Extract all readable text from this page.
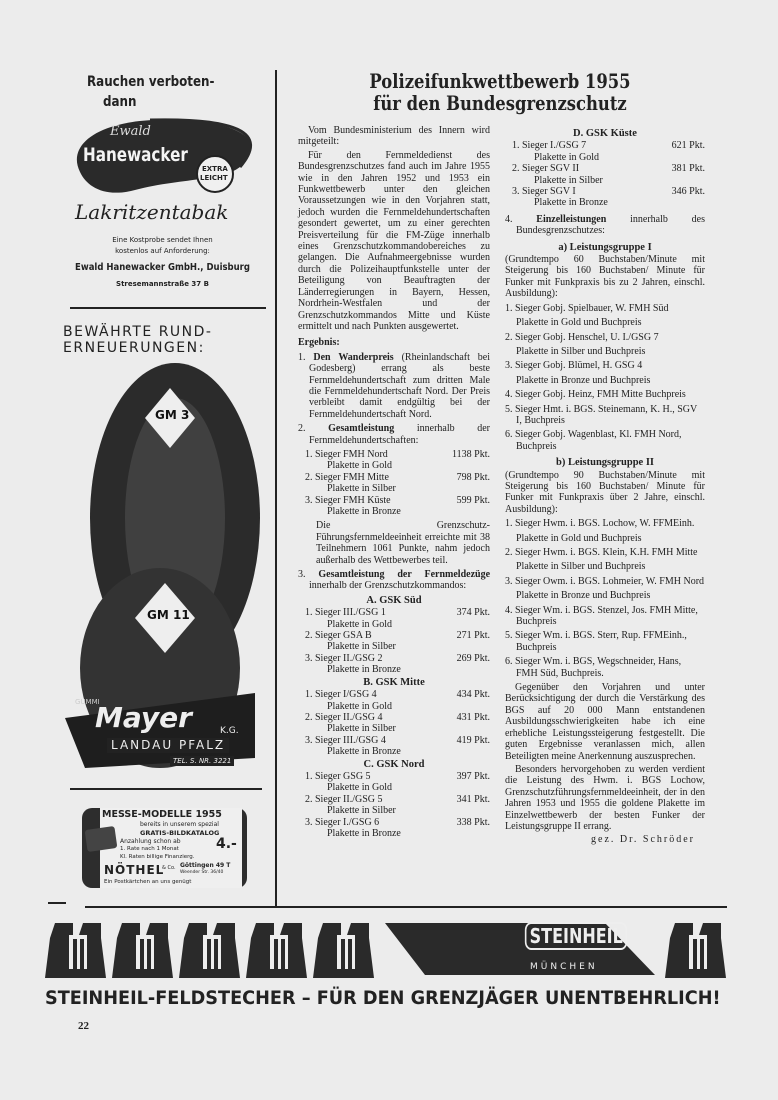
Rauchen verboten-
dann
Ewald
Hanewacker
EXTRA
LEICHT
Lakritzentabak
Eine Kostprobe sendet Ihnen
kostenlos auf Anforderung:
Ewald Hanewacker GmbH., Duisburg
Stresemannstraße 37 B
BEWÄHRTE RUND-
ERNEUERUNGEN:
GM 3
GM 11
GUMMI
Mayer	K.G.
LANDAU PFALZ
TEL. S. NR. 3221
MESSE-MODELLE 1955
bereits in unserem spezial
GRATIS-BILDKATALOG
Anzahlung schon ab
1. Rate nach 1 Monat
Kl. Raten billige Finanzierg.
4.-
NÖTHEL
& Co. Göttingen 49 T
Weender Str. 36/40
Ein Postkärtchen an uns genügt
Polizeifunkwettbewerb 1955
für den Bundesgrenzschutz

Vom Bundesministerium des Innern wird mitgeteilt:

Für den Fernmeldedienst des Bundesgrenzschutzes fand auch im Jahre 1955 wie in den Jahren 1952 und 1953 ein Funkwettbewerb unter den gleichen Voraussetzungen wie in den Vorjahren statt, jedoch wurden die Fernmeldehundertschaften gesondert gewertet, um zu einer gerechten Preisverteilung für die FM-Züge innerhalb eines Grenzschutzkommandobereiches zu gelangen. Die Aufnahmeergebnisse wurden durch die Polizeihauptfunkstelle unter der Beteiligung von Beauftragten der Länderregierungen in Bayern, Hessen, Nordrhein-Westfalen und der Grenzschutzkommandos Mitte und Küste ermittelt und nach Punkten ausgewertet.

Ergebnis:
1. Den Wanderpreis (Rheinlandschaft bei Godesberg) errang als beste Fernmeldehundertschaft zum dritten Male die Fernmeldehundertschaft Nord. Der Preis verbleibt damit endgültig bei der Fernmeldehundertschaft Nord.
2. Gesamtleistung innerhalb der Fernmeldehundertschaften:
1. Sieger FMH Nord	1138 Pkt.
Plakette in Gold
2. Sieger FMH Mitte	798 Pkt.
Plakette in Silber
3. Sieger FMH Küste	599 Pkt.
Plakette in Bronze

Die Grenzschutz-Führungsfernmeldeeinheit erreichte mit 38 Teilnehmern 1061 Punkte, nahm jedoch außerhalb des Wettbewerbes teil.

3. Gesamtleistung der Fernmeldezüge innerhalb der Grenzschutzkommandos:
A. GSK Süd
1. Sieger III./GSG 1	374 Pkt.
Plakette in Gold
2. Sieger GSA B	271 Pkt.
Plakette in Silber
3. Sieger II./GSG 2	269 Pkt.
Plakette in Bronze
B. GSK Mitte
1. Sieger I/GSG 4	434 Pkt.
Plakette in Gold
2. Sieger II./GSG 4	431 Pkt.
Plakette in Silber
3. Sieger III./GSG 4	419 Pkt.
Plakette in Bronze
C. GSK Nord
1. Sieger GSG 5	397 Pkt.
Plakette in Gold
2. Sieger II./GSG 5	341 Pkt.
Plakette in Silber
3. Sieger I./GSG 6	338 Pkt.
Plakette in Bronze
D. GSK Küste
1. Sieger I./GSG 7	621 Pkt.
Plakette in Gold
2. Sieger SGV II	381 Pkt.
Plakette in Silber
3. Sieger SGV I	346 Pkt.
Plakette in Bronze
4. Einzelleistungen innerhalb des Bundesgrenzschutzes:
a) Leistungsgruppe I
(Grundtempo 60 Buchstaben/Minute mit Steigerung bis 160 Buchstaben/ Minute für Funker mit Funkpraxis bis zu 2 Jahren, einschl. Ausbildung):
1. Sieger Gobj. Spielbauer, W. FMH Süd
Plakette in Gold und Buchpreis
2. Sieger Gobj. Henschel, U. I./GSG 7
Plakette in Silber und Buchpreis
3. Sieger Gobj. Blümel, H. GSG 4
Plakette in Bronze und Buchpreis
4. Sieger Gobj. Heinz, FMH Mitte Buchpreis
5. Sieger Hmt. i. BGS. Steinemann, K. H., SGV I, Buchpreis
6. Sieger Gobj. Wagenblast, Kl. FMH Nord, Buchpreis
b) Leistungsgruppe II
(Grundtempo 90 Buchstaben/Minute mit Steigerung bis 160 Buchstaben/ Minute für Funker mit Funkpraxis über 2 Jahre, einschl. Ausbildung):
1. Sieger Hwm. i. BGS. Lochow, W. FFMEinh.
Plakette in Gold und Buchpreis
2. Sieger Hwm. i. BGS. Klein, K.H. FMH Mitte
Plakette in Silber und Buchpreis
3. Sieger Owm. i. BGS. Lohmeier, W. FMH Nord
Plakette in Bronze und Buchpreis
4. Sieger Wm. i. BGS. Stenzel, Jos. FMH Mitte, Buchpreis
5. Sieger Wm. i. BGS. Sterr, Rup. FFMEinh., Buchpreis
6. Sieger Wm. i. BGS, Wegschneider, Hans, FMH Süd, Buchpreis.

Gegenüber den Vorjahren und unter Berücksichtigung der durch die Verstärkung des BGS auf 20 000 Mann entstandenen Ausbildungsschwierigkeiten habe ich eine erhebliche Leistungssteigerung festgestellt. Die guten Ergebnisse veranlassen mich, allen Beteiligten meine Anerkennung auszusprechen.

Besonders hervorgehoben zu werden verdient die Leistung des Hwm. i. BGS Lochow, Grenzschutzführungsfernmeldeeinheit, der in den Jahren 1953 und 1955 die goldene Plakette im Einzelwettbewerb der besten Funker der Leistungsgruppe II errang.

gez. Dr. Schröder
STEINHEIL
MÜNCHEN
STEINHEIL-FELDSTECHER – FÜR DEN GRENZJÄGER UNENTBEHRLICH!
22
